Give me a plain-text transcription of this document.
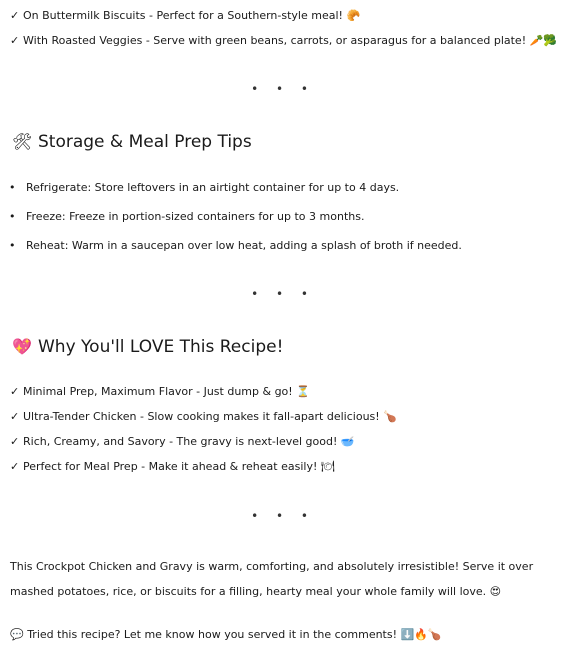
✓ On Buttermilk Biscuits - Perfect for a Southern-style meal! 🥐
✓ With Roasted Veggies - Serve with green beans, carrots, or asparagus for a balanced plate! 🥕🥦
• • •
🛠 Storage & Meal Prep Tips
• Refrigerate: Store leftovers in an airtight container for up to 4 days.
• Freeze: Freeze in portion-sized containers for up to 3 months.
• Reheat: Warm in a saucepan over low heat, adding a splash of broth if needed.
• • •
💖 Why You'll LOVE This Recipe!
✓ Minimal Prep, Maximum Flavor - Just dump & go! ⏳
✓ Ultra-Tender Chicken - Slow cooking makes it fall-apart delicious! 🍗
✓ Rich, Creamy, and Savory - The gravy is next-level good! 🥣
✓ Perfect for Meal Prep - Make it ahead & reheat easily! 🍽
• • •
This Crockpot Chicken and Gravy is warm, comforting, and absolutely irresistible! Serve it over mashed potatoes, rice, or biscuits for a filling, hearty meal your whole family will love. 😍
💬 Tried this recipe? Let me know how you served it in the comments! ⬇️🔥🍗
